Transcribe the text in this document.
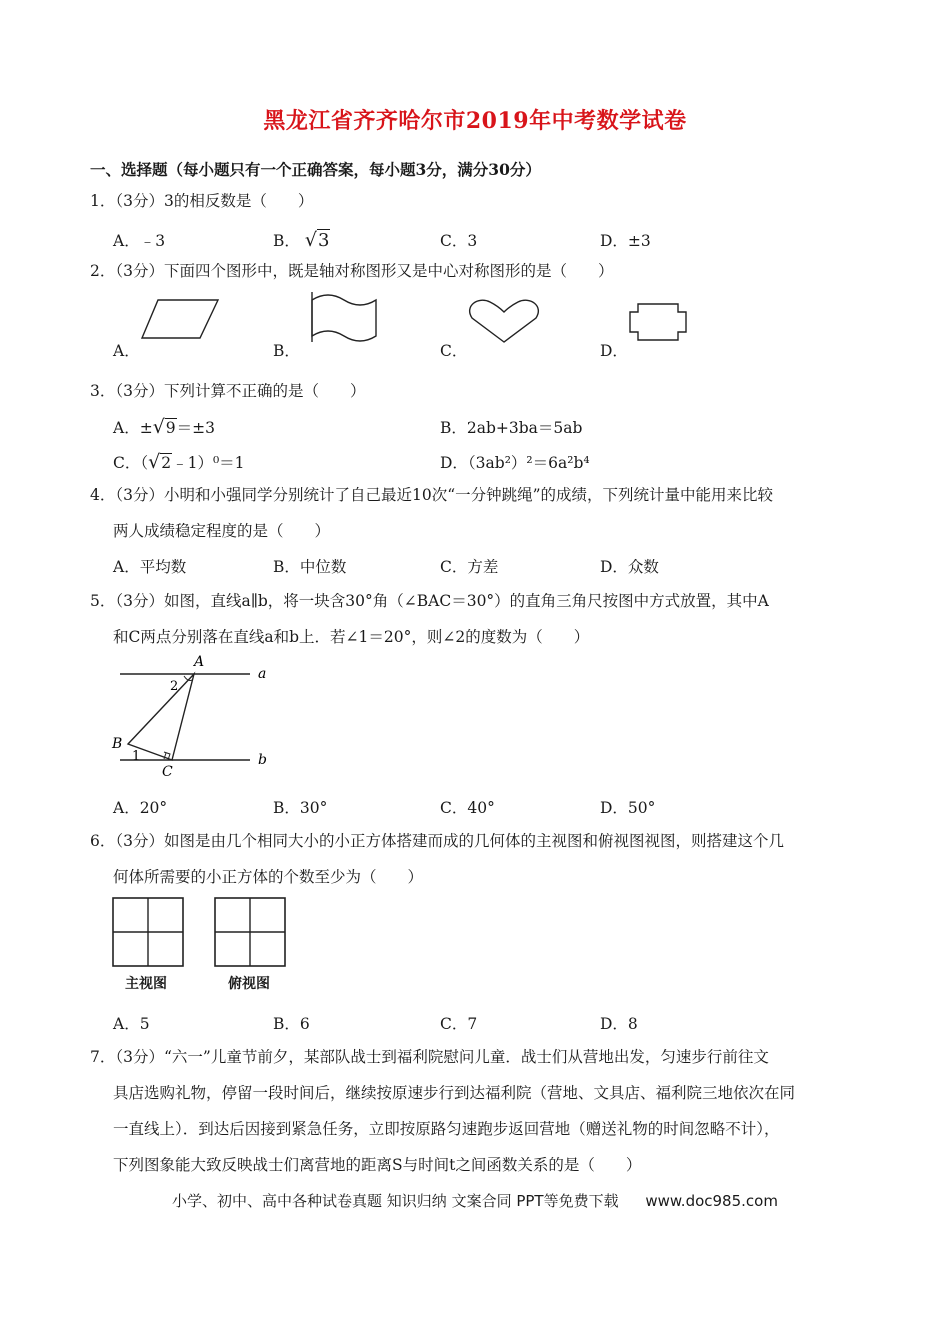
黑龙江省齐齐哈尔市2019年中考数学试卷
一、选择题（每小题只有一个正确答案，每小题3分，满分30分）
1．（3分）3的相反数是（　　）
A．﹣3	B． √3	C．3	D．±3
2．（3分）下面四个图形中，既是轴对称图形又是中心对称图形的是（　　）
A．	B．	C．	D．
3．（3分）下列计算不正确的是（　　）
A．±√9＝±3	B．2ab+3ba＝5ab
C．（√2﹣1）⁰＝1	D．（3ab²）²＝6a²b⁴
4．（3分）小明和小强同学分别统计了自己最近10次“一分钟跳绳”的成绩，下列统计量中能用来比较
两人成绩稳定程度的是（　　）
A．平均数	B．中位数	C．方差	D．众数
5．（3分）如图，直线a∥b，将一块含30°角（∠BAC＝30°）的直角三角尺按图中方式放置，其中A
和C两点分别落在直线a和b上．若∠1＝20°，则∠2的度数为（　　）
A
2
B
1
C
a
b
A．20°	B．30°	C．40°	D．50°
6．（3分）如图是由几个相同大小的小正方体搭建而成的几何体的主视图和俯视图视图，则搭建这个几
何体所需要的小正方体的个数至少为（　　）
主视图	俯视图
A．5	B．6	C．7	D．8
7．（3分）“六一”儿童节前夕，某部队战士到福利院慰问儿童．战士们从营地出发，匀速步行前往文
具店选购礼物，停留一段时间后，继续按原速步行到达福利院（营地、文具店、福利院三地依次在同
一直线上）．到达后因接到紧急任务，立即按原路匀速跑步返回营地（赠送礼物的时间忽略不计），
下列图象能大致反映战士们离营地的距离S与时间t之间函数关系的是（　　）
小学、初中、高中各种试卷真题 知识归纳 文案合同 PPT等免费下载 www.doc985.com
